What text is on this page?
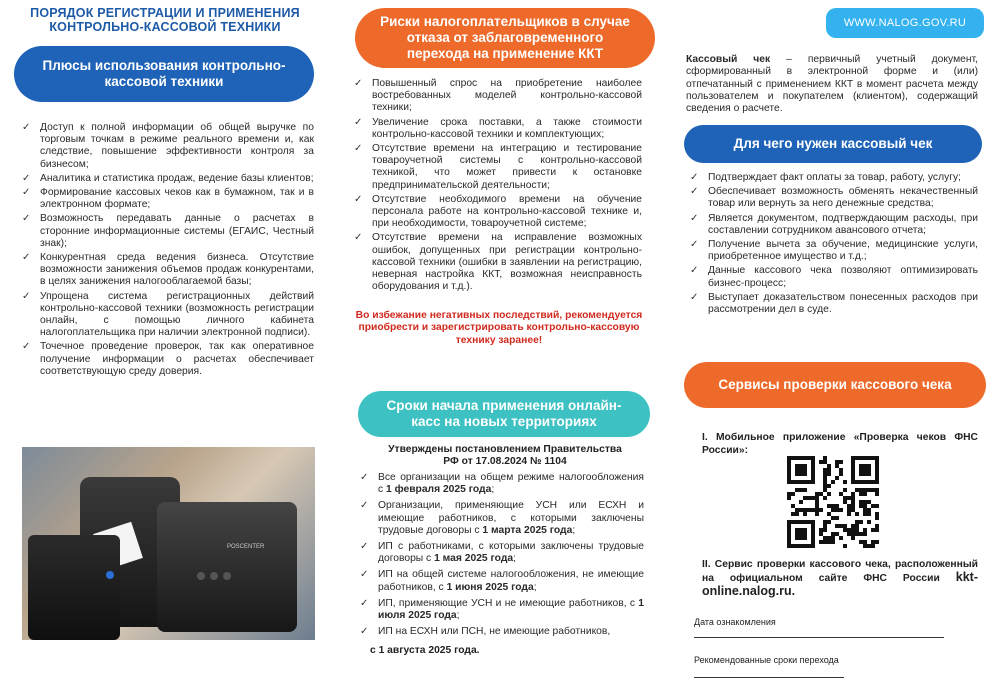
ПОРЯДОК РЕГИСТРАЦИИ И ПРИМЕНЕНИЯ КОНТРОЛЬНО-КАССОВОЙ ТЕХНИКИ
Плюсы использования контрольно-кассовой техники
✓ Доступ к полной информации об общей выручке по торговым точкам в режиме реального времени и, как следствие, повышение эффективности контроля за бизнесом;
✓ Аналитика и статистика продаж, ведение базы клиентов;
✓ Формирование кассовых чеков как в бумажном, так и в электронном формате;
✓ Возможность передавать данные о расчетах в сторонние информационные системы (ЕГАИС, Честный знак);
✓ Конкурентная среда ведения бизнеса. Отсутствие возможности занижения объемов продаж конкурентами, в целях занижения налогооблагаемой базы;
✓ Упрощена система регистрационных действий контрольно-кассовой техники (возможность регистрации онлайн, с помощью личного кабинета налогоплательщика при наличии электронной подписи).
✓ Точечное проведение проверок, так как оперативное получение информации о расчетах обеспечивает соответствующую среду доверия.
POSCENTER
Риски налогоплательщиков в случае отказа от заблаговременного перехода на применение ККТ
✓ Повышенный спрос на приобретение наиболее востребованных моделей контрольно-кассовой техники;
✓ Увеличение срока поставки, а также стоимости контрольно-кассовой техники и комплектующих;
✓ Отсутствие времени на интеграцию и тестирование товароучетной системы с контрольно-кассовой техникой, что может привести к остановке предпринимательской деятельности;
✓ Отсутствие необходимого времени на обучение персонала работе на контрольно-кассовой технике и, при необходимости, товароучетной системе;
✓ Отсутствие времени на исправление возможных ошибок, допущенных при регистрации контрольно-кассовой техники (ошибки в заявлении на регистрацию, неверная настройка ККТ, возможная неисправность оборудования и т.д.).
Во избежание негативных последствий, рекомендуется приобрести и зарегистрировать контрольно-кассовую технику заранее!
Сроки начала применения онлайн-касс на новых территориях
Утверждены постановлением Правительства РФ от 17.08.2024 № 1104
✓ Все организации на общем режиме налогообложения с 1 февраля 2025 года;
✓ Организации, применяющие УСН или ЕСХН и имеющие работников, с которыми заключены трудовые договоры с 1 марта 2025 года;
✓ ИП с работниками, с которыми заключены трудовые договоры с 1 мая 2025 года;
✓ ИП на общей системе налогообложения, не имеющие работников, с 1 июня 2025 года;
✓ ИП, применяющие УСН и не имеющие работников, с 1 июля 2025 года;
✓ ИП на ЕСХН или ПСН, не имеющие работников,
с 1 августа 2025 года.
WWW.NALOG.GOV.RU
Кассовый чек – первичный учетный документ, сформированный в электронной форме и (или) отпечатанный с применением ККТ в момент расчета между пользователем и покупателем (клиентом), содержащий сведения о расчете.
Для чего нужен кассовый чек
✓ Подтверждает факт оплаты за товар, работу, услугу;
✓ Обеспечивает возможность обменять некачественный товар или вернуть за него денежные средства;
✓ Является документом, подтверждающим расходы, при составлении сотрудником авансового отчета;
✓ Получение вычета за обучение, медицинские услуги, приобретенное имущество и т.д.;
✓ Данные кассового чека позволяют оптимизировать бизнес-процесс;
✓ Выступает доказательством понесенных расходов при рассмотрении дел в суде.
Сервисы проверки кассового чека
I. Мобильное приложение «Проверка чеков ФНС России»:
II. Сервис проверки кассового чека, расположенный на официальном сайте ФНС России kkt-online.nalog.ru.
Дата ознакомления
Рекомендованные сроки перехода
